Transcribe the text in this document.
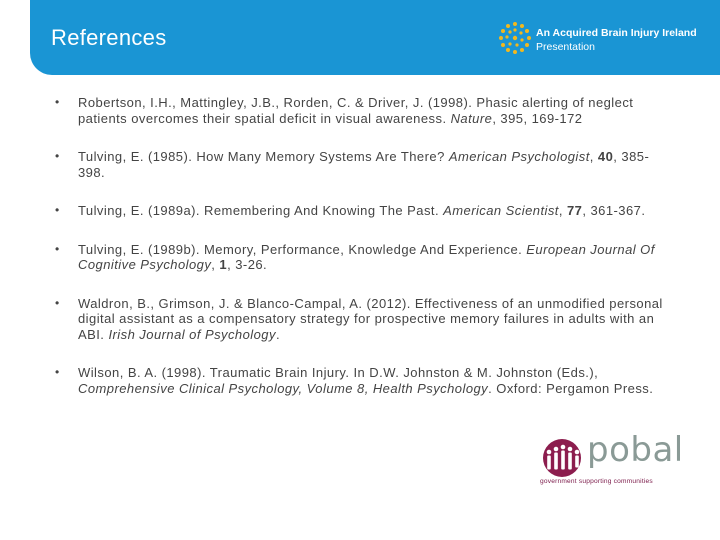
References	An Acquired Brain Injury Ireland
Presentation
• Robertson, I.H., Mattingley, J.B., Rorden, C. & Driver, J. (1998). Phasic alerting of neglect patients overcomes their spatial deficit in visual awareness. Nature, 395, 169-172
• Tulving, E. (1985). How Many Memory Systems Are There? American Psychologist, 40, 385-398.
• Tulving, E. (1989a). Remembering And Knowing The Past. American Scientist, 77, 361-367.
• Tulving, E. (1989b). Memory, Performance, Knowledge And Experience. European Journal Of Cognitive Psychology, 1, 3-26.
• Waldron, B., Grimson, J. & Blanco-Campal, A. (2012). Effectiveness of an unmodified personal digital assistant as a compensatory strategy for prospective memory failures in adults with an ABI. Irish Journal of Psychology.
• Wilson, B. A. (1998). Traumatic Brain Injury. In D.W. Johnston & M. Johnston (Eds.), Comprehensive Clinical Psychology, Volume 8, Health Psychology. Oxford: Pergamon Press.
pobal
government supporting communities
